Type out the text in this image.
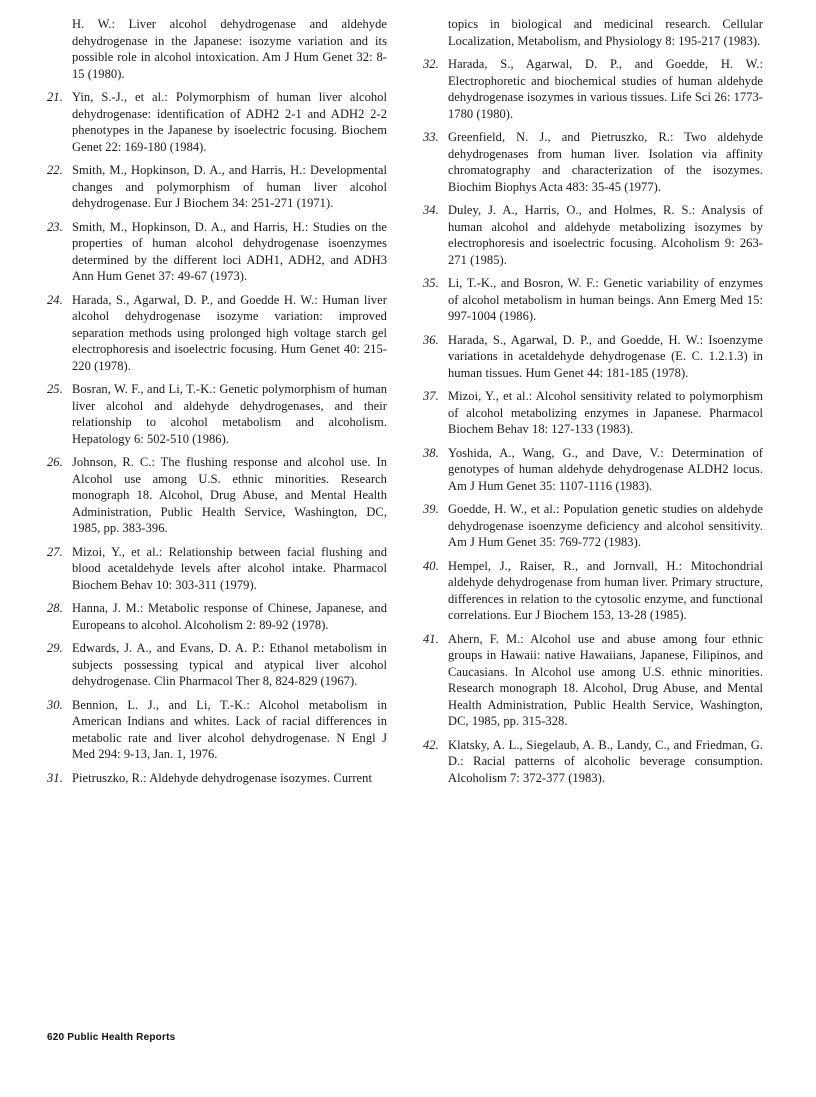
H. W.: Liver alcohol dehydrogenase and aldehyde dehydrogenase in the Japanese: isozyme variation and its possible role in alcohol intoxication. Am J Hum Genet 32: 8-15 (1980).
21. Yin, S.-J., et al.: Polymorphism of human liver alcohol dehydrogenase: identification of ADH2 2-1 and ADH2 2-2 phenotypes in the Japanese by isoelectric focusing. Biochem Genet 22: 169-180 (1984).
22. Smith, M., Hopkinson, D. A., and Harris, H.: Developmental changes and polymorphism of human liver alcohol dehydrogenase. Eur J Biochem 34: 251-271 (1971).
23. Smith, M., Hopkinson, D. A., and Harris, H.: Studies on the properties of human alcohol dehydrogenase isoenzymes determined by the different loci ADH1, ADH2, and ADH3 Ann Hum Genet 37: 49-67 (1973).
24. Harada, S., Agarwal, D. P., and Goedde H. W.: Human liver alcohol dehydrogenase isozyme variation: improved separation methods using prolonged high voltage starch gel electrophoresis and isoelectric focusing. Hum Genet 40: 215-220 (1978).
25. Bosran, W. F., and Li, T.-K.: Genetic polymorphism of human liver alcohol and aldehyde dehydrogenases, and their relationship to alcohol metabolism and alcoholism. Hepatology 6: 502-510 (1986).
26. Johnson, R. C.: The flushing response and alcohol use. In Alcohol use among U.S. ethnic minorities. Research monograph 18. Alcohol, Drug Abuse, and Mental Health Administration, Public Health Service, Washington, DC, 1985, pp. 383-396.
27. Mizoi, Y., et al.: Relationship between facial flushing and blood acetaldehyde levels after alcohol intake. Pharmacol Biochem Behav 10: 303-311 (1979).
28. Hanna, J. M.: Metabolic response of Chinese, Japanese, and Europeans to alcohol. Alcoholism 2: 89-92 (1978).
29. Edwards, J. A., and Evans, D. A. P.: Ethanol metabolism in subjects possessing typical and atypical liver alcohol dehydrogenase. Clin Pharmacol Ther 8, 824-829 (1967).
30. Bennion, L. J., and Li, T.-K.: Alcohol metabolism in American Indians and whites. Lack of racial differences in metabolic rate and liver alcohol dehydrogenase. N Engl J Med 294: 9-13, Jan. 1, 1976.
31. Pietruszko, R.: Aldehyde dehydrogenase isozymes. Current
topics in biological and medicinal research. Cellular Localization, Metabolism, and Physiology 8: 195-217 (1983).
32. Harada, S., Agarwal, D. P., and Goedde, H. W.: Electrophoretic and biochemical studies of human aldehyde dehydrogenase isozymes in various tissues. Life Sci 26: 1773-1780 (1980).
33. Greenfield, N. J., and Pietruszko, R.: Two aldehyde dehydrogenases from human liver. Isolation via affinity chromatography and characterization of the isozymes. Biochim Biophys Acta 483: 35-45 (1977).
34. Duley, J. A., Harris, O., and Holmes, R. S.: Analysis of human alcohol and aldehyde metabolizing isozymes by electrophoresis and isoelectric focusing. Alcoholism 9: 263-271 (1985).
35. Li, T.-K., and Bosron, W. F.: Genetic variability of enzymes of alcohol metabolism in human beings. Ann Emerg Med 15: 997-1004 (1986).
36. Harada, S., Agarwal, D. P., and Goedde, H. W.: Isoenzyme variations in acetaldehyde dehydrogenase (E. C. 1.2.1.3) in human tissues. Hum Genet 44: 181-185 (1978).
37. Mizoi, Y., et al.: Alcohol sensitivity related to polymorphism of alcohol metabolizing enzymes in Japanese. Pharmacol Biochem Behav 18: 127-133 (1983).
38. Yoshida, A., Wang, G., and Dave, V.: Determination of genotypes of human aldehyde dehydrogenase ALDH2 locus. Am J Hum Genet 35: 1107-1116 (1983).
39. Goedde, H. W., et al.: Population genetic studies on aldehyde dehydrogenase isoenzyme deficiency and alcohol sensitivity. Am J Hum Genet 35: 769-772 (1983).
40. Hempel, J., Raiser, R., and Jornvall, H.: Mitochondrial aldehyde dehydrogenase from human liver. Primary structure, differences in relation to the cytosolic enzyme, and functional correlations. Eur J Biochem 153, 13-28 (1985).
41. Ahern, F. M.: Alcohol use and abuse among four ethnic groups in Hawaii: native Hawaiians, Japanese, Filipinos, and Caucasians. In Alcohol use among U.S. ethnic minorities. Research monograph 18. Alcohol, Drug Abuse, and Mental Health Administration, Public Health Service, Washington, DC, 1985, pp. 315-328.
42. Klatsky, A. L., Siegelaub, A. B., Landy, C., and Friedman, G. D.: Racial patterns of alcoholic beverage consumption. Alcoholism 7: 372-377 (1983).
620 Public Health Reports
